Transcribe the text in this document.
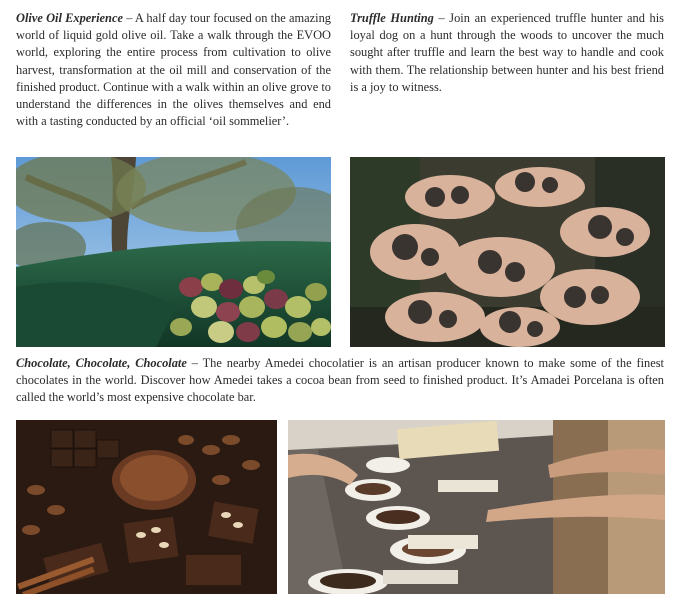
Olive Oil Experience – A half day tour focused on the amazing world of liquid gold olive oil. Take a walk through the EVOO world, exploring the entire process from cultivation to olive harvest, transformation at the oil mill and conservation of the finished product. Continue with a walk within an olive grove to understand the differences in the olives themselves and end with a tasting conducted by an official ‘oil sommelier’.

Truffle Hunting – Join an experienced truffle hunter and his loyal dog on a hunt through the woods to uncover the much sought after truffle and learn the best way to handle and cook with them. The relationship between hunter and his best friend is a joy to witness.

Chocolate, Chocolate, Chocolate – The nearby Amedei chocolatier is an artisan producer known to make some of the finest chocolates in the world. Discover how Amedei takes a cocoa bean from seed to finished product. It’s Amadei Porcelana is often called the world’s most expensive chocolate bar.
